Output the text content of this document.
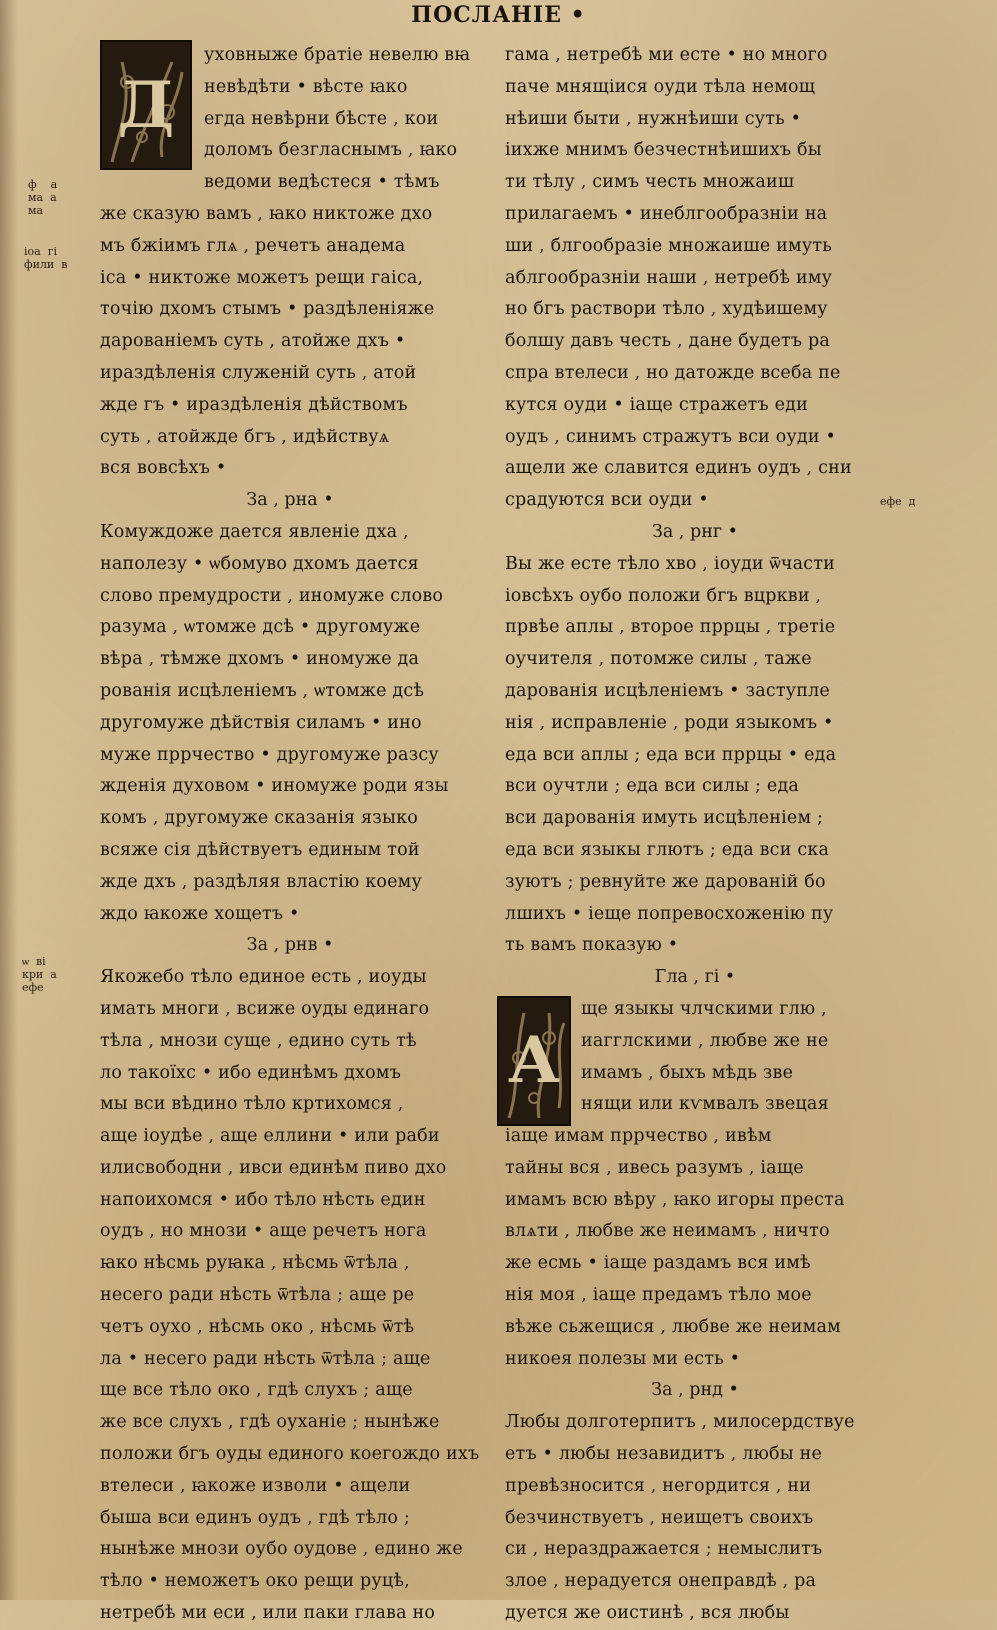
ПОСЛАНІЕ •
ф    а
ма  а
ма
іоа  гі
фили  в
ѡ  ві
кри  а
ефе
ефе  д
Д
уховныже братіе невелю вꙗ
невѣдѣти • вѣсте ꙗко
егда невѣрни бѣсте , кои
доломъ безгласнымъ , ꙗко
ведоми ведѣстеся • тѣмъ
же сказую вамъ , ꙗко никтоже дхо
мъ бжіимъ глѧ , речетъ анадема
іса • никтоже можетъ рещи гаіса,
точію дхомъ стымъ • раздѣленіяже
дарованіемъ суть , атойже дхъ •
ираздѣленія служеній суть , атой
жде гъ • ираздѣленія дѣйствомъ
суть , атойжде бгъ , идѣйствуѧ
вся вовсѣхъ •
За , рна •
Комуждоже дается явленіе дха ,
наполезу • ѡбомуво дхомъ дается
слово премудрости , иномуже слово
разума , ѡтомже дсѣ • другомуже
вѣра , тѣмже дхомъ • иномуже да
рованія исцѣленіемъ , ѡтомже дсѣ
другомуже дѣйствія силамъ • ино
муже пррчество • другомуже разсу
жденія духовом • иномуже роди язы
комъ , другомуже сказанія языко
всяже сія дѣйствуетъ единым той
жде дхъ , раздѣляя властію коему
ждо ꙗкоже хощетъ •
За , рнв •
Якожебо тѣло единое есть , иоуды
имать многи , всиже оуды единаго
тѣла , мнози суще , едино суть тѣ
ло такоїхс • ибо единѣмъ дхомъ
мы вси вѣдино тѣло кртихомся ,
аще іоудѣе , аще еллини • или раби
илисвободни , ивси единѣм пиво дхо
напоихомся • ибо тѣло нѣсть един
оудъ , но мнози • аще речетъ нога
ꙗко нѣсмь руꙗка , нѣсмь ѿтѣла ,
несего ради нѣсть ѿтѣла ; аще ре
четъ оухо , нѣсмь око , нѣсмь ѿтѣ
ла • несего ради нѣсть ѿтѣла ; аще
ще все тѣло око , гдѣ слухъ ; аще
же все слухъ , гдѣ оуханіе ; нынѣже
положи бгъ оуды единого коегождо ихъ
втелеси , ꙗкоже изволи • ащели
быша вси единъ оудъ , гдѣ тѣло ;
нынѣже мнози оубо оудове , едино же
тѣло • неможетъ око рещи руцѣ,
нетребѣ ми еси , или паки глава но
гама , нетребѣ ми есте • но много
паче мнящіися оуди тѣла немощ
нѣиши быти , нужнѣиши суть •
іихже мнимъ безчестнѣишихъ бы
ти тѣлу , симъ честь множаиш
прилагаемъ • инеблгообразніи на
ши , блгообразіе множаише имуть
аблгообразніи наши , нетребѣ иму
но бгъ раствори тѣло , худѣишему
болшу давъ честь , дане будетъ ра
спра втелеси , но датожде всеба пе
кутся оуди • іаще стражетъ еди
оудъ , синимъ стражутъ вси оуди •
ащели же славится единъ оудъ , сни
срадуются вси оуди •
За , рнг •
Вы же есте тѣло хво , іоуди ѿчасти
іовсѣхъ оубо положи бгъ вцркви ,
првѣе аплы , второе пррцы , третіе
оучителя , потомже силы , таже
дарованія исцѣленіемъ • заступле
нія , исправленіе , роди языкомъ •
еда вси аплы ; еда вси пррцы • еда
вси оучтли ; еда вси силы ; еда
вси дарованія имуть исцѣленіем ;
еда вси языкы глютъ ; еда вси ска
зуютъ ; ревнуйте же дарованій бо
лшихъ • іеще попревосхоженію пу
ть вамъ показую •
Гла , гі •
А
ще языкы члчскими глю ,
иагглскими , любве же не
имамъ , быхъ мѣдь зве
нящи или кѵмвалъ звецая
іаще имам пррчество , ивѣм
тайны вся , ивесь разумъ , іаще
имамъ всю вѣру , ꙗко игоры преста
влѧти , любве же неимамъ , ничто
же есмь • іаще раздамъ вся имѣ
нія моя , іаще предамъ тѣло мое
вѣже сьжещися , любве же неимам
никоея полезы ми есть •
За , рнд •
Любы долготерпитъ , милосердствуе
етъ • любы незавидитъ , любы не
превѣзносится , негордится , ни
безчинствуетъ , неищетъ своихъ
си , нераздражается ; немыслитъ
злое , нерадуется онеправдѣ , ра
дуется же оистинѣ , вся любы
